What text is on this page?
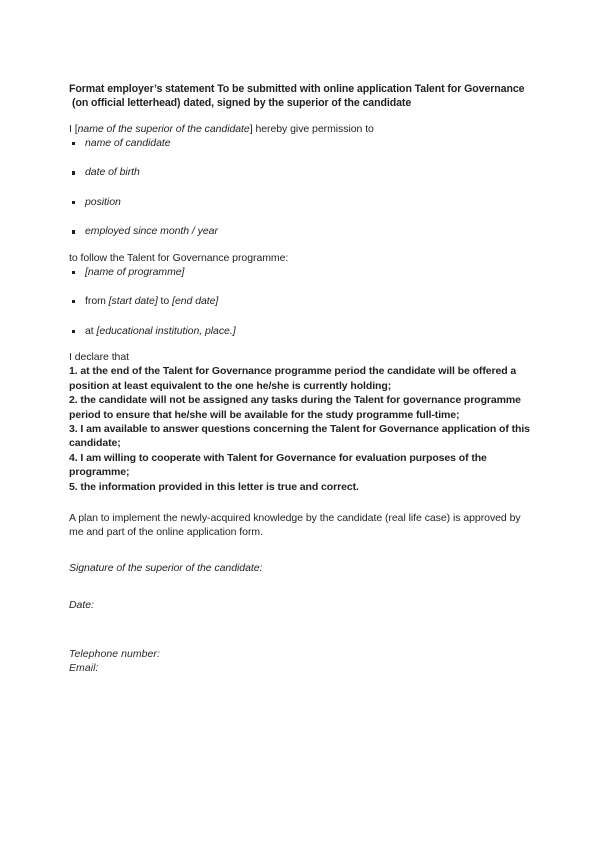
Format employer’s statement To be submitted with online application Talent for Governance
(on official letterhead) dated, signed by the superior of the candidate

I [name of the superior of the candidate] hereby give permission to

name of candidate
date of birth
position
employed since month / year

to follow the Talent for Governance programme:

[name of programme]
from [start date] to [end date]
at [educational institution, place.]

I declare that

1. at the end of the Talent for Governance programme period the candidate will be offered a position at least equivalent to the one he/she is currently holding;
2. the candidate will not be assigned any tasks during the Talent for governance programme period to ensure that he/she will be available for the study programme full-time;
3. I am available to answer questions concerning the Talent for Governance application of this candidate;
4. I am willing to cooperate with Talent for Governance for evaluation purposes of the programme;
5. the information provided in this letter is true and correct.

A plan to implement the newly-acquired knowledge by the candidate (real life case) is approved by me and part of the online application form.

Signature of the superior of the candidate:

Date:

Telephone number:

Email:
